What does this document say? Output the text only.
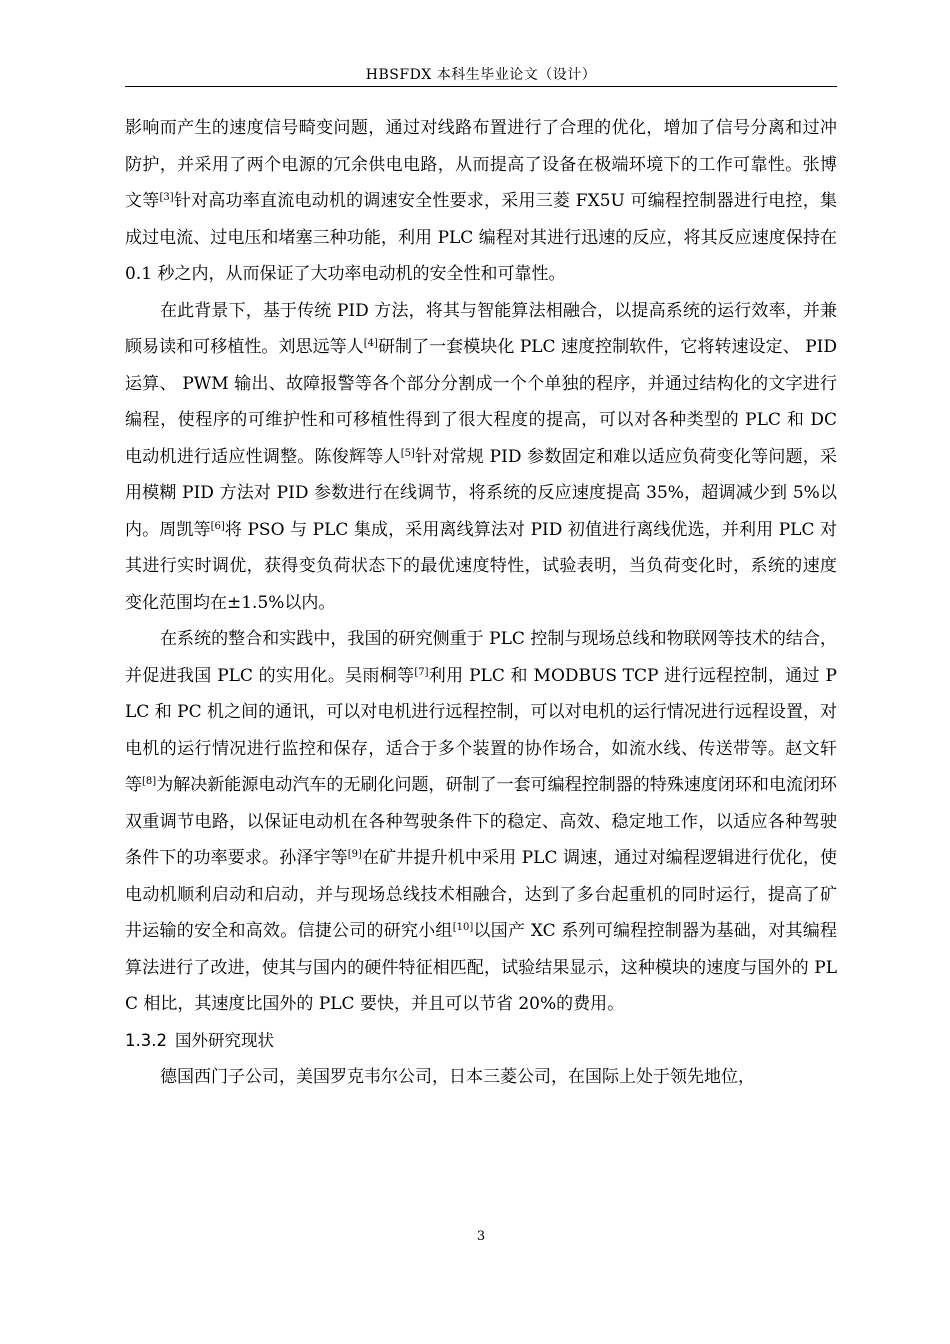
HBSFDX 本科生毕业论文（设计）

影响而产生的速度信号畸变问题，通过对线路布置进行了合理的优化，增加了信号分离和过冲防护，并采用了两个电源的冗余供电电路，从而提高了设备在极端环境下的工作可靠性。张博文等[3]针对高功率直流电动机的调速安全性要求，采用三菱 FX5U 可编程控制器进行电控，集成过电流、过电压和堵塞三种功能，利用 PLC 编程对其进行迅速的反应，将其反应速度保持在 0.1 秒之内，从而保证了大功率电动机的安全性和可靠性。

在此背景下，基于传统 PID 方法，将其与智能算法相融合，以提高系统的运行效率，并兼顾易读和可移植性。刘思远等人[4]研制了一套模块化 PLC 速度控制软件，它将转速设定、 PID 运算、 PWM 输出、故障报警等各个部分分割成一个个单独的程序，并通过结构化的文字进行编程，使程序的可维护性和可移植性得到了很大程度的提高，可以对各种类型的 PLC 和 DC 电动机进行适应性调整。陈俊辉等人[5]针对常规 PID 参数固定和难以适应负荷变化等问题，采用模糊 PID 方法对 PID 参数进行在线调节，将系统的反应速度提高 35%，超调减少到 5%以内。周凯等[6]将 PSO 与 PLC 集成，采用离线算法对 PID 初值进行离线优选，并利用 PLC 对其进行实时调优，获得变负荷状态下的最优速度特性，试验表明，当负荷变化时，系统的速度变化范围均在±1.5%以内。

在系统的整合和实践中，我国的研究侧重于 PLC 控制与现场总线和物联网等技术的结合，并促进我国 PLC 的实用化。吴雨桐等[7]利用 PLC 和 MODBUS TCP 进行远程控制，通过 PLC 和 PC 机之间的通讯，可以对电机进行远程控制，可以对电机的运行情况进行远程设置，对电机的运行情况进行监控和保存，适合于多个装置的协作场合，如流水线、传送带等。赵文轩等[8]为解决新能源电动汽车的无刷化问题，研制了一套可编程控制器的特殊速度闭环和电流闭环双重调节电路，以保证电动机在各种驾驶条件下的稳定、高效、稳定地工作，以适应各种驾驶条件下的功率要求。孙泽宇等[9]在矿井提升机中采用 PLC 调速，通过对编程逻辑进行优化，使电动机顺利启动和启动，并与现场总线技术相融合，达到了多台起重机的同时运行，提高了矿井运输的安全和高效。信捷公司的研究小组[10]以国产 XC 系列可编程控制器为基础，对其编程算法进行了改进，使其与国内的硬件特征相匹配，试验结果显示，这种模块的速度与国外的 PLC 相比，其速度比国外的 PLC 要快，并且可以节省 20%的费用。

1.3.2 国外研究现状

德国西门子公司，美国罗克韦尔公司，日本三菱公司，在国际上处于领先地位，

3
